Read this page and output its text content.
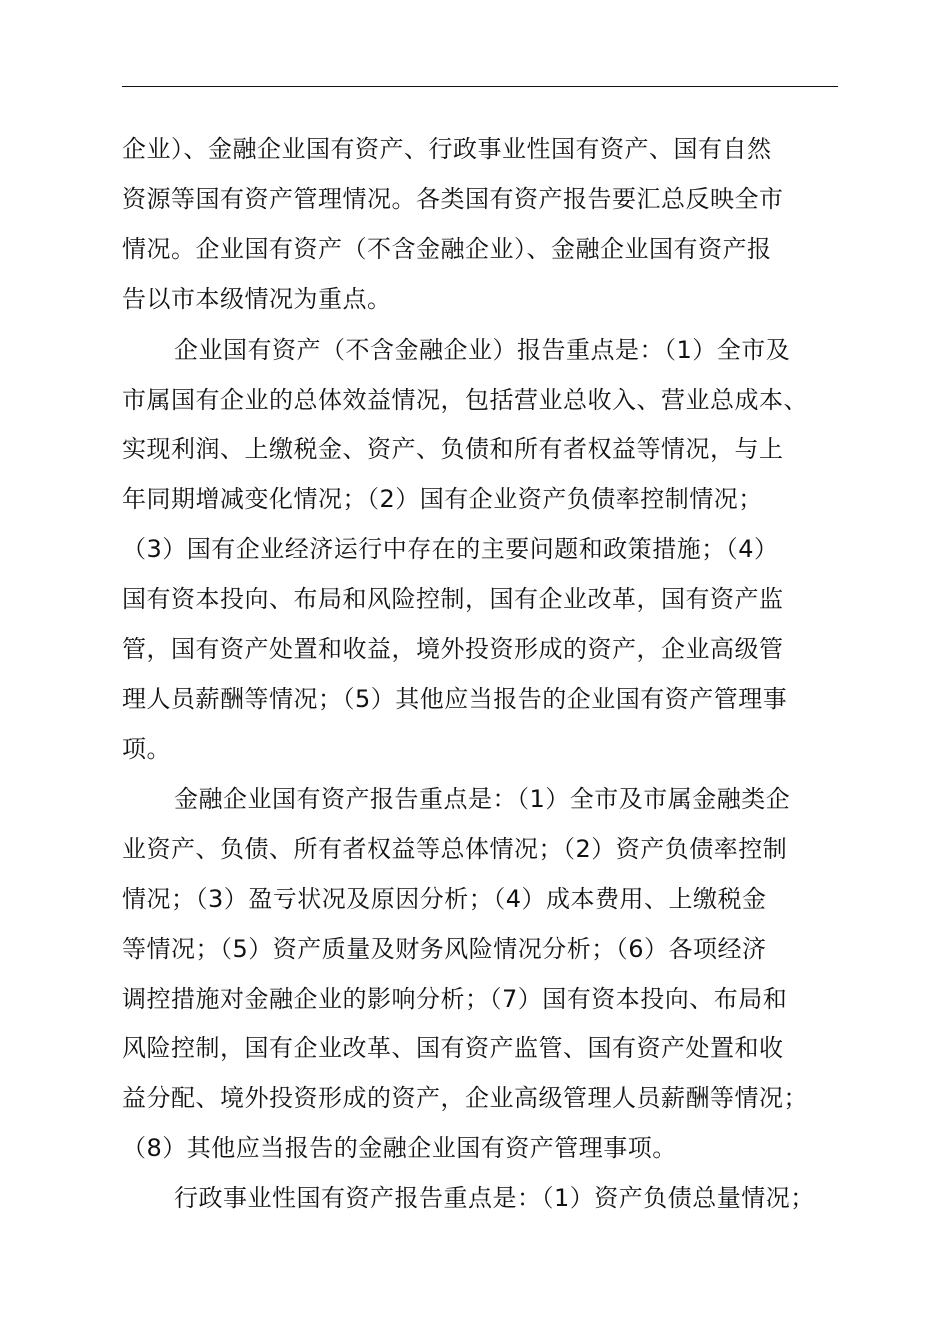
企业）、金融企业国有资产、行政事业性国有资产、国有自然
资源等国有资产管理情况。各类国有资产报告要汇总反映全市
情况。企业国有资产（不含金融企业）、金融企业国有资产报
告以市本级情况为重点。
企业国有资产（不含金融企业）报告重点是：（1）全市及
市属国有企业的总体效益情况，包括营业总收入、营业总成本、
实现利润、上缴税金、资产、负债和所有者权益等情况，与上
年同期增减变化情况；（2）国有企业资产负债率控制情况；
（3）国有企业经济运行中存在的主要问题和政策措施；（4）
国有资本投向、布局和风险控制，国有企业改革，国有资产监
管，国有资产处置和收益，境外投资形成的资产，企业高级管
理人员薪酬等情况；（5）其他应当报告的企业国有资产管理事
项。
金融企业国有资产报告重点是：（1）全市及市属金融类企
业资产、负债、所有者权益等总体情况；（2）资产负债率控制
情况；（3）盈亏状况及原因分析；（4）成本费用、上缴税金
等情况；（5）资产质量及财务风险情况分析；（6）各项经济
调控措施对金融企业的影响分析；（7）国有资本投向、布局和
风险控制，国有企业改革、国有资产监管、国有资产处置和收
益分配、境外投资形成的资产，企业高级管理人员薪酬等情况；
（8）其他应当报告的金融企业国有资产管理事项。
行政事业性国有资产报告重点是：（1）资产负债总量情况；
